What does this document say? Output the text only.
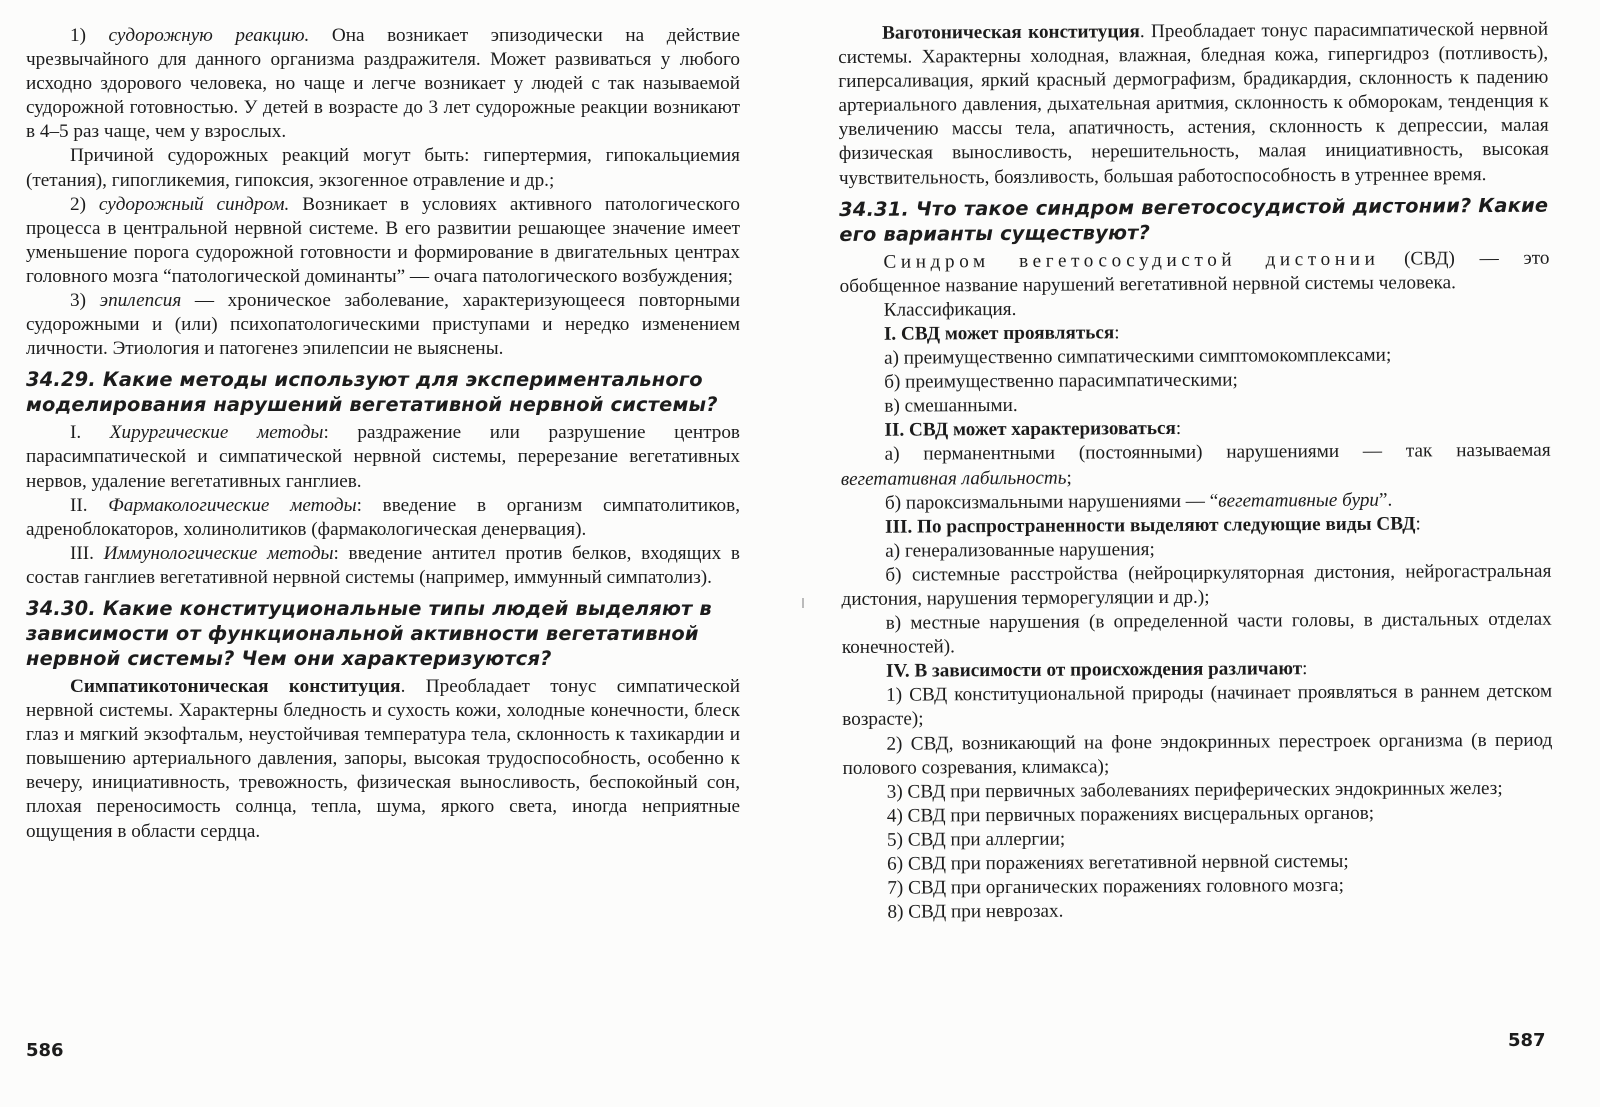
1) судорожную реакцию. Она возникает эпизодически на действие чрезвычайного для данного организма раздражителя. Может развиваться у любого исходно здорового человека, но чаще и легче возникает у людей с так называемой судорожной готовностью. У детей в возрасте до 3 лет судорожные реакции возникают в 4–5 раз чаще, чем у взрослых.

Причиной судорожных реакций могут быть: гипертермия, гипокальциемия (тетания), гипогликемия, гипоксия, экзогенное отравление и др.;

2) судорожный синдром. Возникает в условиях активного патологического процесса в центральной нервной системе. В его развитии решающее значение имеет уменьшение порога судорожной готовности и формирование в двигательных центрах головного мозга “патологической доминанты” — очага патологического возбуждения;

3) эпилепсия — хроническое заболевание, характеризующееся повторными судорожными и (или) психопатологическими приступами и нередко изменением личности. Этиология и патогенез эпилепсии не выяснены.

34.29. Какие методы используют для экспериментального моделирования нарушений вегетативной нервной системы?

I. Хирургические методы: раздражение или разрушение центров парасимпатической и симпатической нервной системы, перерезание вегетативных нервов, удаление вегетативных ганглиев.

II. Фармакологические методы: введение в организм симпатолитиков, адреноблокаторов, холинолитиков (фармакологическая денервация).

III. Иммунологические методы: введение антител против белков, входящих в состав ганглиев вегетативной нервной системы (например, иммунный симпатолиз).

34.30. Какие конституциональные типы людей выделяют в зависимости от функциональной активности вегетативной нервной системы? Чем они характеризуются?

Симпатикотоническая конституция. Преобладает тонус симпатической нервной системы. Характерны бледность и сухость кожи, холодные конечности, блеск глаз и мягкий экзофтальм, неустойчивая температура тела, склонность к тахикардии и повышению артериального давления, запоры, высокая трудоспособность, особенно к вечеру, инициативность, тревожность, физическая выносливость, беспокойный сон, плохая переносимость солнца, тепла, шума, яркого света, иногда неприятные ощущения в области сердца.

586

Ваготоническая конституция. Преобладает тонус парасимпатической нервной системы. Характерны холодная, влажная, бледная кожа, гипергидроз (потливость), гиперсаливация, яркий красный дермографизм, брадикардия, склонность к падению артериального давления, дыхательная аритмия, склонность к обморокам, тенденция к увеличению массы тела, апатичность, астения, склонность к депрессии, малая физическая выносливость, нерешительность, малая инициативность, высокая чувствительность, боязливость, большая работоспособность в утреннее время.

34.31. Что такое синдром вегетососудистой дистонии? Какие его варианты существуют?

Синдром вегетососудистой дистонии (СВД) — это обобщенное название нарушений вегетативной нервной системы человека.

Классификация.

I. СВД может проявляться:

а) преимущественно симпатическими симптомокомплексами;

б) преимущественно парасимпатическими;

в) смешанными.

II. СВД может характеризоваться:

а) перманентными (постоянными) нарушениями — так называемая вегетативная лабильность;

б) пароксизмальными нарушениями — “вегетативные бури”.

III. По распространенности выделяют следующие виды СВД:

а) генерализованные нарушения;

б) системные расстройства (нейроциркуляторная дистония, нейрогастральная дистония, нарушения терморегуляции и др.);

в) местные нарушения (в определенной части головы, в дистальных отделах конечностей).

IV. В зависимости от происхождения различают:

1) СВД конституциональной природы (начинает проявляться в раннем детском возрасте);

2) СВД, возникающий на фоне эндокринных перестроек организма (в период полового созревания, климакса);

3) СВД при первичных заболеваниях периферических эндокринных желез;

4) СВД при первичных поражениях висцеральных органов;

5) СВД при аллергии;

6) СВД при поражениях вегетативной нервной системы;

7) СВД при органических поражениях головного мозга;

8) СВД при неврозах.

587
